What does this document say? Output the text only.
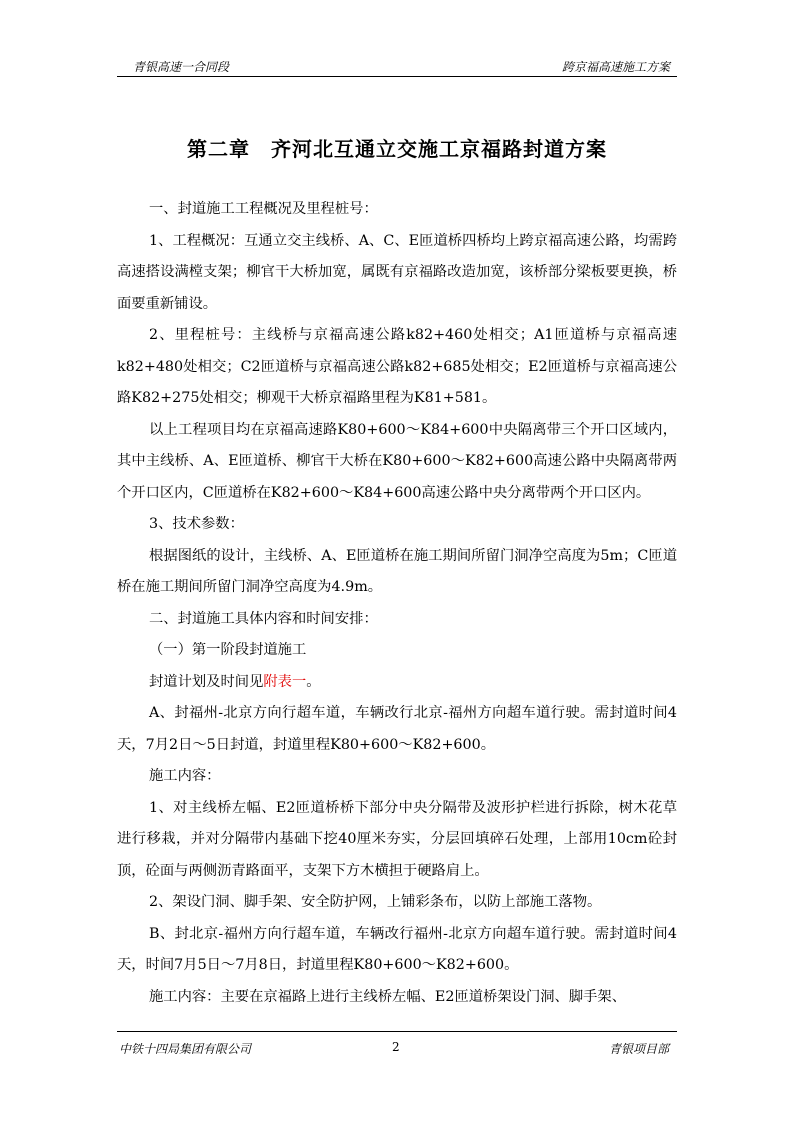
青银高速一合同段	跨京福高速施工方案
第二章　齐河北互通立交施工京福路封道方案

一、封道施工工程概况及里程桩号：

1、工程概况：互通立交主线桥、A、C、E匝道桥四桥均上跨京福高速公路，均需跨高速搭设满樘支架；柳官干大桥加宽，属既有京福路改造加宽，该桥部分梁板要更换，桥面要重新铺设。

2、里程桩号：主线桥与京福高速公路k82+460处相交；A1匝道桥与京福高速k82+480处相交；C2匝道桥与京福高速公路k82+685处相交；E2匝道桥与京福高速公路K82+275处相交；柳观干大桥京福路里程为K81+581。

以上工程项目均在京福高速路K80+600～K84+600中央隔离带三个开口区域内，其中主线桥、A、E匝道桥、柳官干大桥在K80+600～K82+600高速公路中央隔离带两个开口区内，C匝道桥在K82+600～K84+600高速公路中央分离带两个开口区内。

3、技术参数：

根据图纸的设计，主线桥、A、E匝道桥在施工期间所留门洞净空高度为5m；C匝道桥在施工期间所留门洞净空高度为4.9m。

二、封道施工具体内容和时间安排：

（一）第一阶段封道施工

封道计划及时间见附表一。

A、封福州-北京方向行超车道，车辆改行北京-福州方向超车道行驶。需封道时间4天，7月2日～5日封道，封道里程K80+600～K82+600。

施工内容：

1、对主线桥左幅、E2匝道桥桥下部分中央分隔带及波形护栏进行拆除，树木花草进行移栽，并对分隔带内基础下挖40厘米夯实，分层回填碎石处理，上部用10cm砼封顶，砼面与两侧沥青路面平，支架下方木横担于硬路肩上。

2、架设门洞、脚手架、安全防护网，上铺彩条布，以防上部施工落物。

B、封北京-福州方向行超车道，车辆改行福州-北京方向超车道行驶。需封道时间4天，时间7月5日～7月8日，封道里程K80+600～K82+600。

施工内容：主要在京福路上进行主线桥左幅、E2匝道桥架设门洞、脚手架、

中铁十四局集团有限公司	2	青银项目部
